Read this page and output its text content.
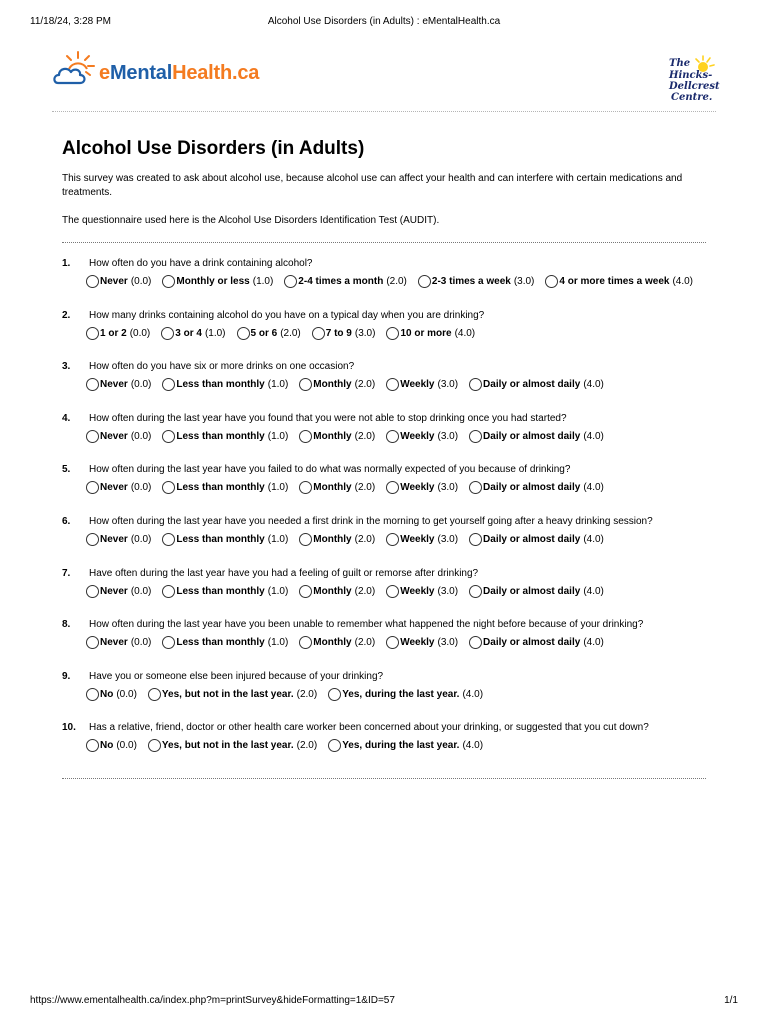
11/18/24, 3:28 PM	Alcohol Use Disorders (in Adults) : eMentalHealth.ca
eMentalHealth.ca	The
Hincks-
Dellcrest
Centre.
Alcohol Use Disorders (in Adults)

This survey was created to ask about alcohol use, because alcohol use can affect your health and can interfere with certain medications and treatments.

The questionnaire used here is the Alcohol Use Disorders Identification Test (AUDIT).

1. How often do you have a drink containing alcohol?
Never (0.0)	Monthly or less (1.0)	2-4 times a month (2.0)	2-3 times a week (3.0)	4 or more times a week (4.0)
2. How many drinks containing alcohol do you have on a typical day when you are drinking?
1 or 2 (0.0)	3 or 4 (1.0)	5 or 6 (2.0)	7 to 9 (3.0)	10 or more (4.0)
3. How often do you have six or more drinks on one occasion?
Never (0.0)	Less than monthly (1.0)	Monthly (2.0)	Weekly (3.0)	Daily or almost daily (4.0)
4. How often during the last year have you found that you were not able to stop drinking once you had started?
Never (0.0)	Less than monthly (1.0)	Monthly (2.0)	Weekly (3.0)	Daily or almost daily (4.0)
5. How often during the last year have you failed to do what was normally expected of you because of drinking?
Never (0.0)	Less than monthly (1.0)	Monthly (2.0)	Weekly (3.0)	Daily or almost daily (4.0)
6. How often during the last year have you needed a first drink in the morning to get yourself going after a heavy drinking session?
Never (0.0)	Less than monthly (1.0)	Monthly (2.0)	Weekly (3.0)	Daily or almost daily (4.0)
7. Have often during the last year have you had a feeling of guilt or remorse after drinking?
Never (0.0)	Less than monthly (1.0)	Monthly (2.0)	Weekly (3.0)	Daily or almost daily (4.0)
8. How often during the last year have you been unable to remember what happened the night before because of your drinking?
Never (0.0)	Less than monthly (1.0)	Monthly (2.0)	Weekly (3.0)	Daily or almost daily (4.0)
9. Have you or someone else been injured because of your drinking?
No (0.0)	Yes, but not in the last year. (2.0)	Yes, during the last year. (4.0)
10. Has a relative, friend, doctor or other health care worker been concerned about your drinking, or suggested that you cut down?
No (0.0)	Yes, but not in the last year. (2.0)	Yes, during the last year. (4.0)
https://www.ementalhealth.ca/index.php?m=printSurvey&hideFormatting=1&ID=57	1/1
